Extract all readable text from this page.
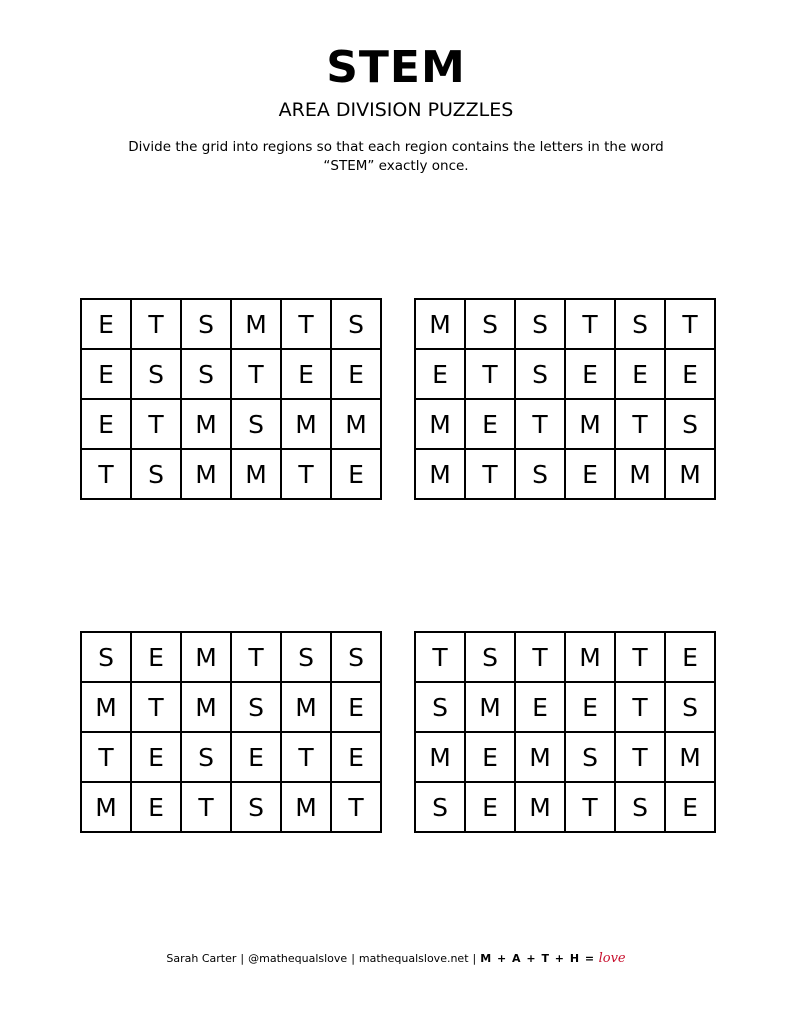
STEM
AREA DIVISION PUZZLES
Divide the grid into regions so that each region contains the letters in the word “STEM” exactly once.
E	T	S	M	T	S
E	S	S	T	E	E
E	T	M	S	M	M
T	S	M	M	T	E
M	S	S	T	S	T
E	T	S	E	E	E
M	E	T	M	T	S
M	T	S	E	M	M
S	E	M	T	S	S
M	T	M	S	M	E
T	E	S	E	T	E
M	E	T	S	M	T
T	S	T	M	T	E
S	M	E	E	T	S
M	E	M	S	T	M
S	E	M	T	S	E
Sarah Carter | @mathequalslove | mathequalslove.net | M + A + T + H = love
